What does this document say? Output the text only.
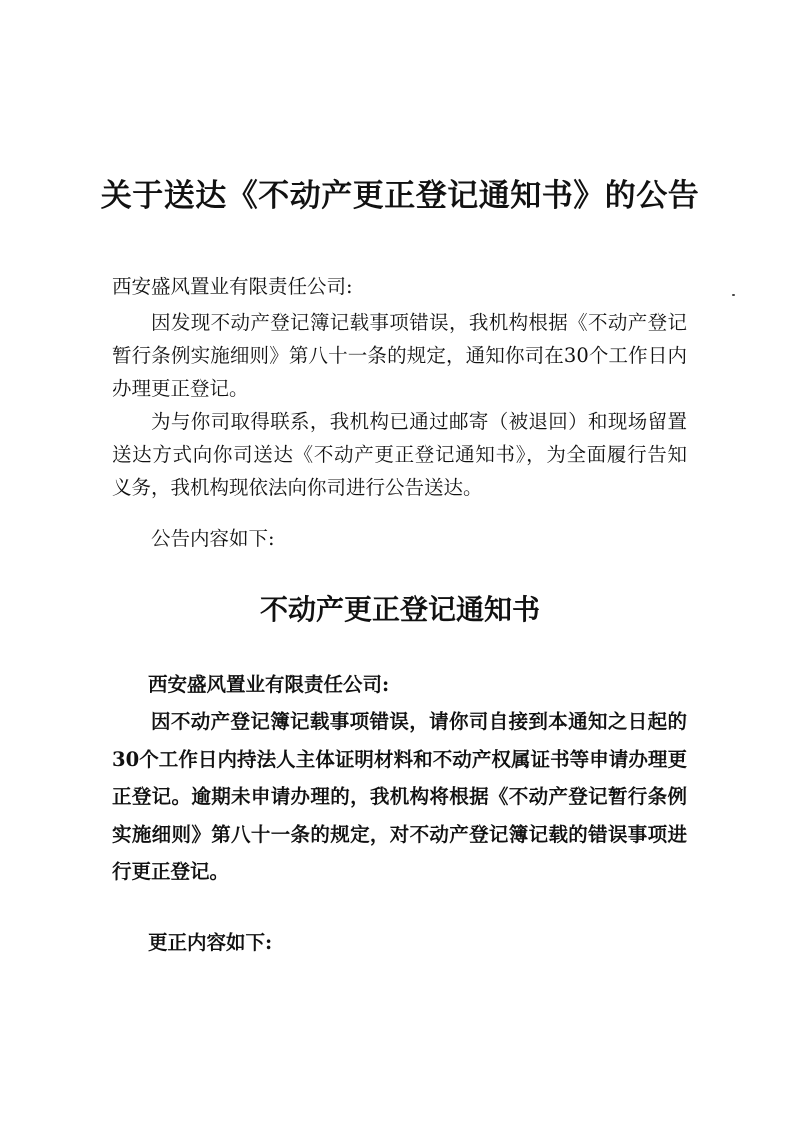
关于送达《不动产更正登记通知书》的公告

西安盛风置业有限责任公司:

因发现不动产登记簿记载事项错误，我机构根据《不动产登记暂行条例实施细则》第八十一条的规定，通知你司在30个工作日内办理更正登记。

为与你司取得联系，我机构已通过邮寄（被退回）和现场留置送达方式向你司送达《不动产更正登记通知书》，为全面履行告知义务，我机构现依法向你司进行公告送达。

公告内容如下:

不动产更正登记通知书

西安盛风置业有限责任公司:

因不动产登记簿记载事项错误，请你司自接到本通知之日起的30个工作日内持法人主体证明材料和不动产权属证书等申请办理更正登记。逾期未申请办理的，我机构将根据《不动产登记暂行条例实施细则》第八十一条的规定，对不动产登记簿记载的错误事项进行更正登记。

更正内容如下:
